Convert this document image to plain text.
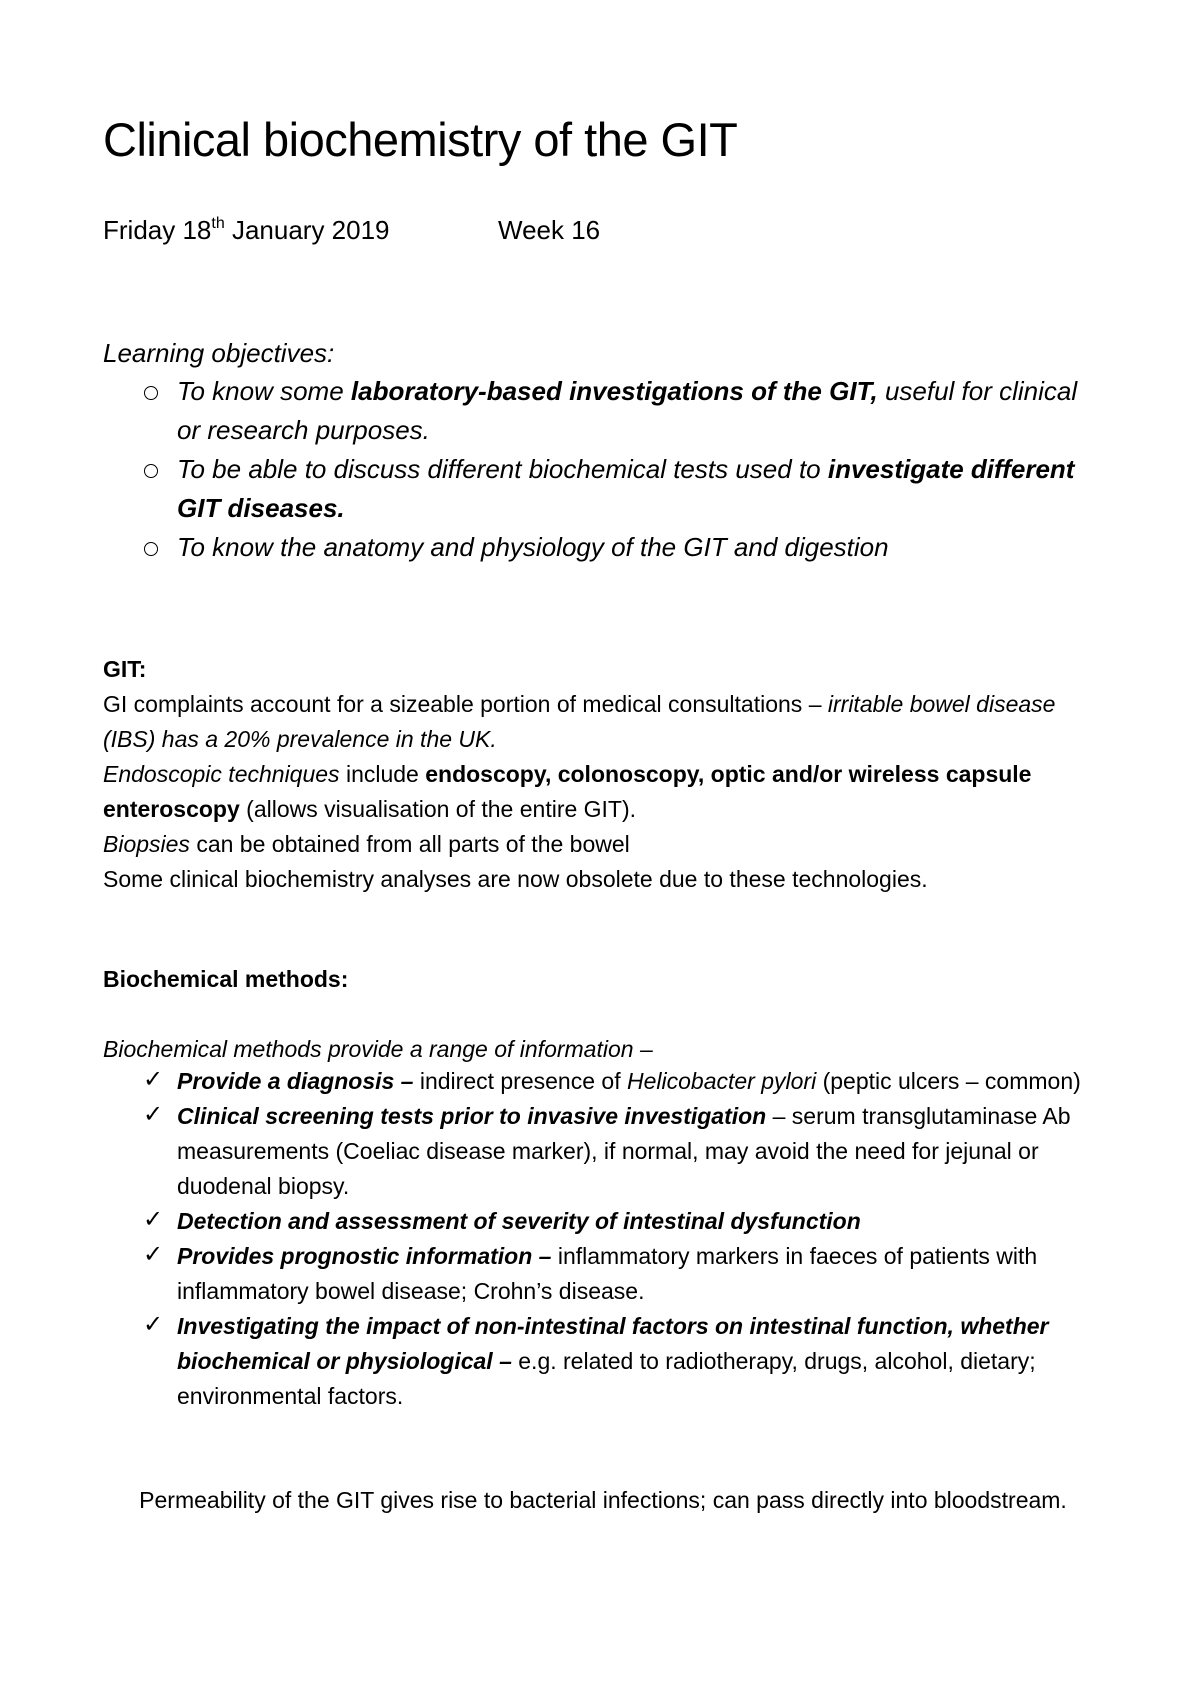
Clinical biochemistry of the GIT
Friday 18th January 2019	Week 16
Learning objectives:
To know some laboratory-based investigations of the GIT, useful for clinical or research purposes.
To be able to discuss different biochemical tests used to investigate different GIT diseases.
To know the anatomy and physiology of the GIT and digestion
GIT:
GI complaints account for a sizeable portion of medical consultations – irritable bowel disease (IBS) has a 20% prevalence in the UK.
Endoscopic techniques include endoscopy, colonoscopy, optic and/or wireless capsule enteroscopy (allows visualisation of the entire GIT).
Biopsies can be obtained from all parts of the bowel
Some clinical biochemistry analyses are now obsolete due to these technologies.
Biochemical methods:
Biochemical methods provide a range of information –
✓ Provide a diagnosis – indirect presence of Helicobacter pylori (peptic ulcers – common)
✓ Clinical screening tests prior to invasive investigation – serum transglutaminase Ab measurements (Coeliac disease marker), if normal, may avoid the need for jejunal or duodenal biopsy.
✓ Detection and assessment of severity of intestinal dysfunction
✓ Provides prognostic information – inflammatory markers in faeces of patients with inflammatory bowel disease; Crohn’s disease.
✓ Investigating the impact of non-intestinal factors on intestinal function, whether biochemical or physiological – e.g. related to radiotherapy, drugs, alcohol, dietary; environmental factors.
Permeability of the GIT gives rise to bacterial infections; can pass directly into bloodstream.
